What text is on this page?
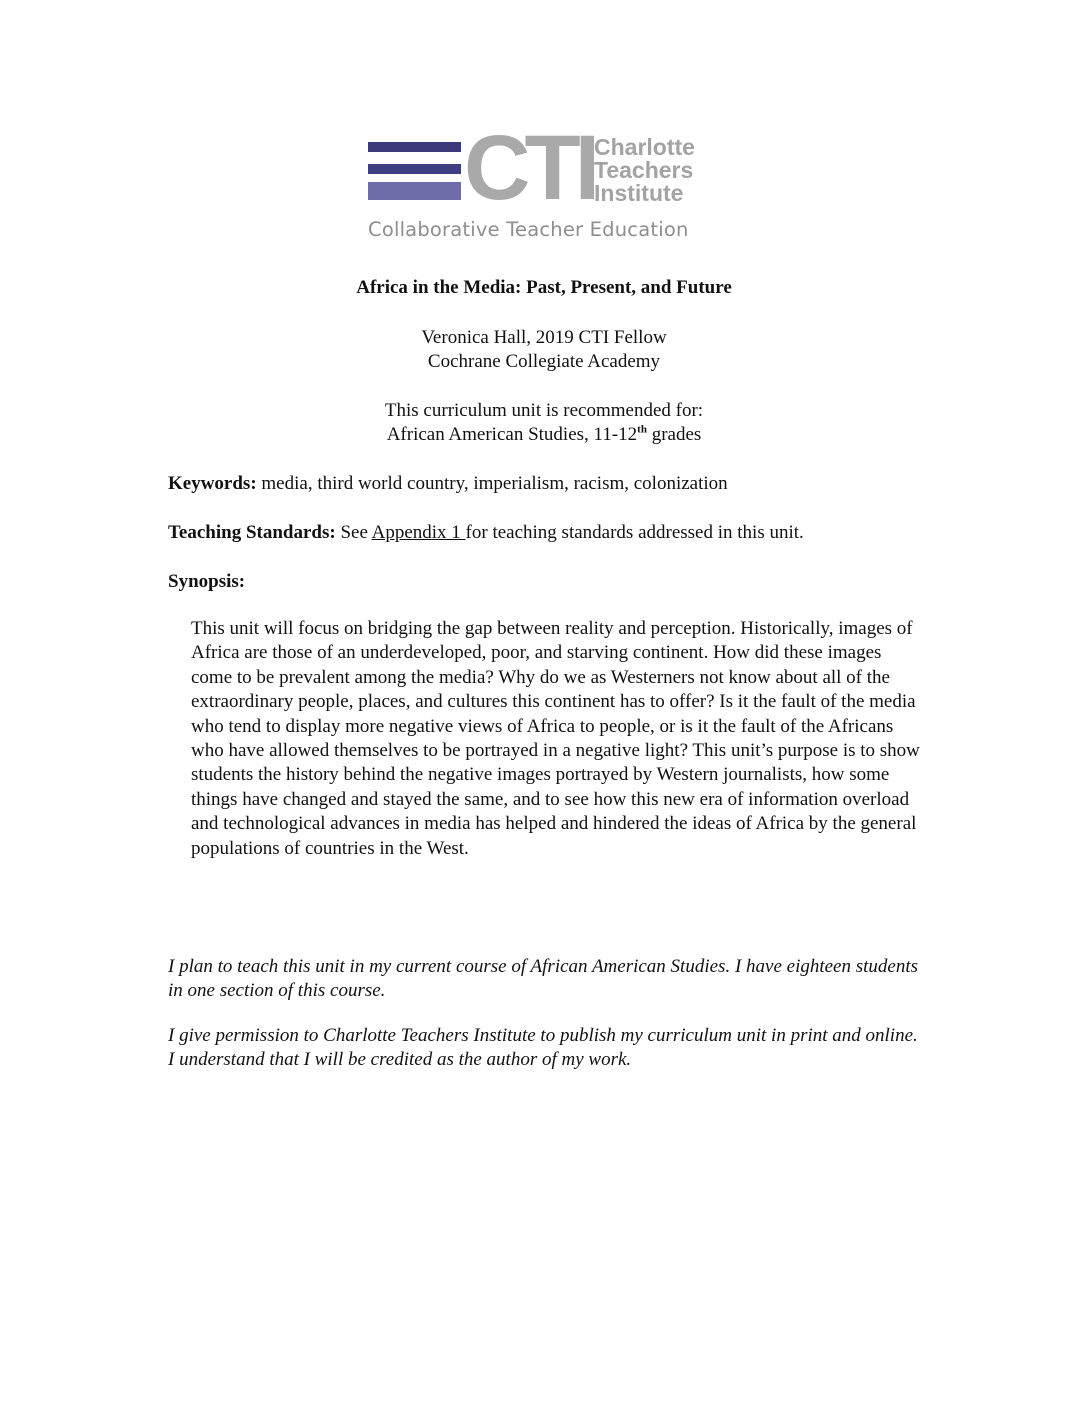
CTI Charlotte
Teachers
Institute
Collaborative Teacher Education
Africa in the Media: Past, Present, and Future
Veronica Hall, 2019 CTI Fellow
Cochrane Collegiate Academy
This curriculum unit is recommended for:
African American Studies, 11-12th grades
Keywords: media, third world country, imperialism, racism, colonization
Teaching Standards: See Appendix 1 for teaching standards addressed in this unit.
Synopsis:
This unit will focus on bridging the gap between reality and perception. Historically, images of Africa are those of an underdeveloped, poor, and starving continent. How did these images come to be prevalent among the media? Why do we as Westerners not know about all of the extraordinary people, places, and cultures this continent has to offer? Is it the fault of the media who tend to display more negative views of Africa to people, or is it the fault of the Africans who have allowed themselves to be portrayed in a negative light? This unit’s purpose is to show students the history behind the negative images portrayed by Western journalists, how some things have changed and stayed the same, and to see how this new era of information overload and technological advances in media has helped and hindered the ideas of Africa by the general populations of countries in the West.
I plan to teach this unit in my current course of African American Studies. I have eighteen students in one section of this course.
I give permission to Charlotte Teachers Institute to publish my curriculum unit in print and online. I understand that I will be credited as the author of my work.
